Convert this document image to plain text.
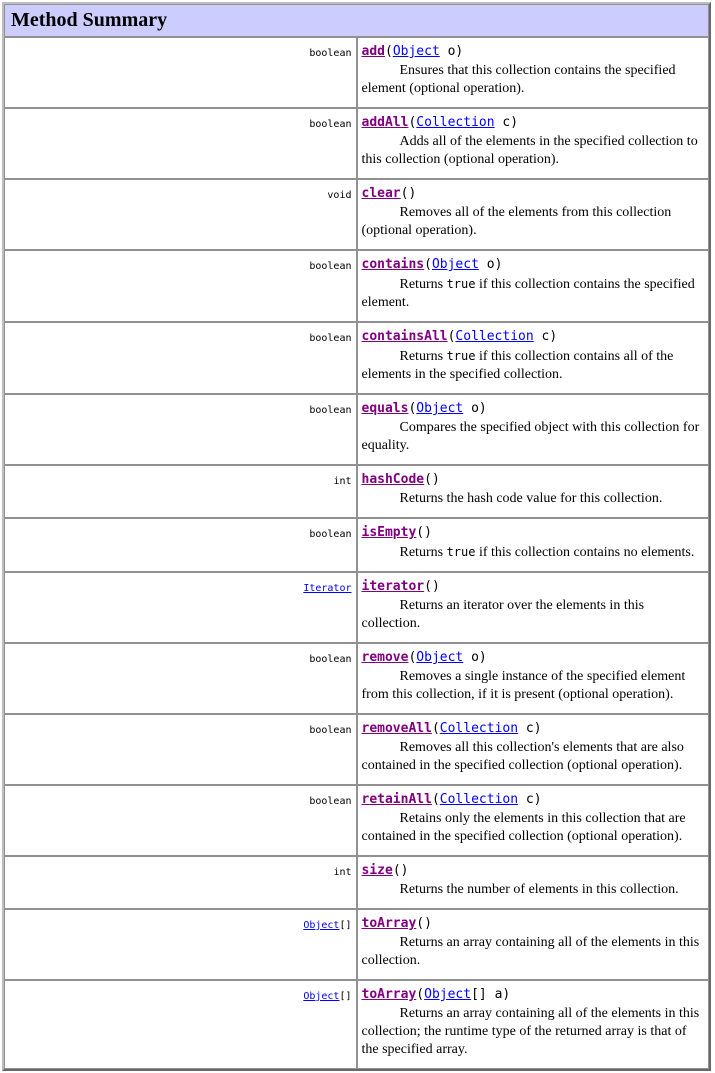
Method Summary	
boolean	add(Object o)
Ensures that this collection contains the specified element (optional operation).

boolean	addAll(Collection c)
Adds all of the elements in the specified collection to this collection (optional operation).

void	clear()
Removes all of the elements from this collection (optional operation).

boolean	contains(Object o)
Returns true if this collection contains the specified element.

boolean	containsAll(Collection c)
Returns true if this collection contains all of the elements in the specified collection.

boolean	equals(Object o)
Compares the specified object with this collection for equality.

int	hashCode()
Returns the hash code value for this collection.

boolean	isEmpty()
Returns true if this collection contains no elements.

Iterator	iterator()
Returns an iterator over the elements in this collection.

boolean	remove(Object o)
Removes a single instance of the specified element from this collection, if it is present (optional operation).

boolean	removeAll(Collection c)
Removes all this collection's elements that are also contained in the specified collection (optional operation).

boolean	retainAll(Collection c)
Retains only the elements in this collection that are contained in the specified collection (optional operation).

int	size()
Returns the number of elements in this collection.

Object[]	toArray()
Returns an array containing all of the elements in this collection.

Object[]	toArray(Object[] a)
Returns an array containing all of the elements in this collection; the runtime type of the returned array is that of the specified array.
